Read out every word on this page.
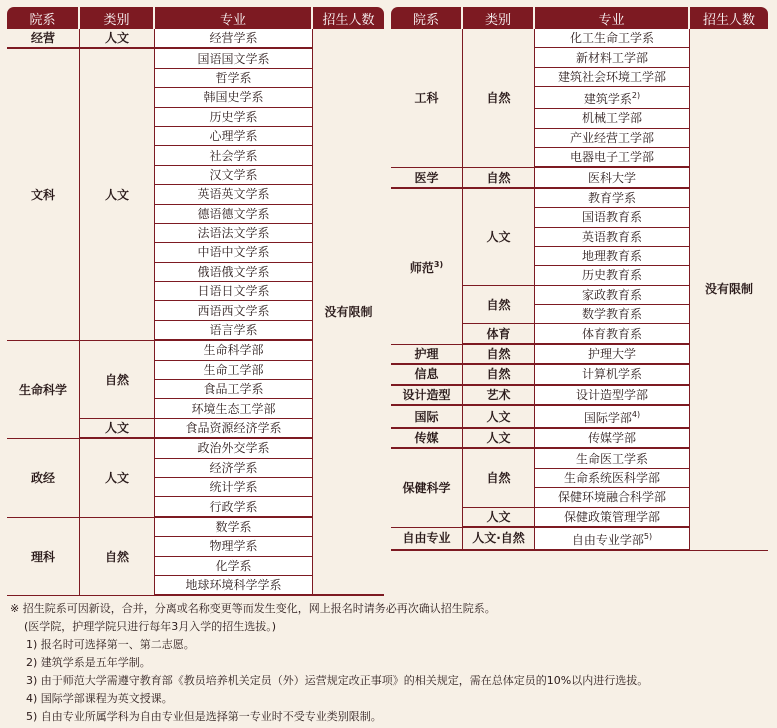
院系	类别	专业	招生人数
经营	人文	经营学系	没有限制
文科	人文	国语国文学系	
		哲学系	
		韩国史学系	
		历史学系	
		心理学系	
		社会学系	
		汉文学系	
		英语英文学系	
		德语德文学系	
		法语法文学系	
		中语中文学系	
		俄语俄文学系	
		日语日文学系	
		西语西文学系	
		语言学系	
生命科学	自然	生命科学部	
		生命工学部	
		食品工学系	
		环境生态工学部	
	人文	食品资源经济学系	
政经	人文	政治外交学系	
		经济学系	
		统计学系	
		行政学系	
理科	自然	数学系	
		物理学系	
		化学系	
		地球环境科学学系	
院系	类别	专业	招生人数	
工科	自然	化工生命工学系	没有限制	
		新材料工学部		
		建筑社会环境工学部		
		建筑学系$^{2)}$
		机械工学部		
		产业经营工学部		
		电器电子工学部		
医学	自然	医科大学		
师范$^{3)}$	人文	教育学系		
		国语教育系		
		英语教育系		
		地理教育系		
		历史教育系		
	自然	家政教育系		
		数学教育系		
	体育	体育教育系		
护理	自然	护理大学		
信息	自然	计算机学系		
设计造型	艺术	设计造型学部		
国际	人文	国际学部$^{4)}$
传媒	人文	传媒学部		
保健科学	自然	生命医工学系		
		生命系统医科学部		
		保健环境融合科学部		
	人文	保健政策管理学部		
自由专业	人文·自然	自由专业学部$^{5)}$	
※ 招生院系可因新设，合并，分离或名称变更等而发生变化，网上报名时请务必再次确认招生院系。
(医学院，护理学院只进行每年3月入学的招生选拔。)
1) 报名时可选择第一、第二志愿。
2) 建筑学系是五年学制。
3) 由于师范大学需遵守教育部《教员培养机关定员（外）运营规定改正事项》的相关规定，需在总体定员的10%以内进行选拔。
4) 国际学部课程为英文授课。
5) 自由专业所属学科为自由专业但是选择第一专业时不受专业类别限制。
